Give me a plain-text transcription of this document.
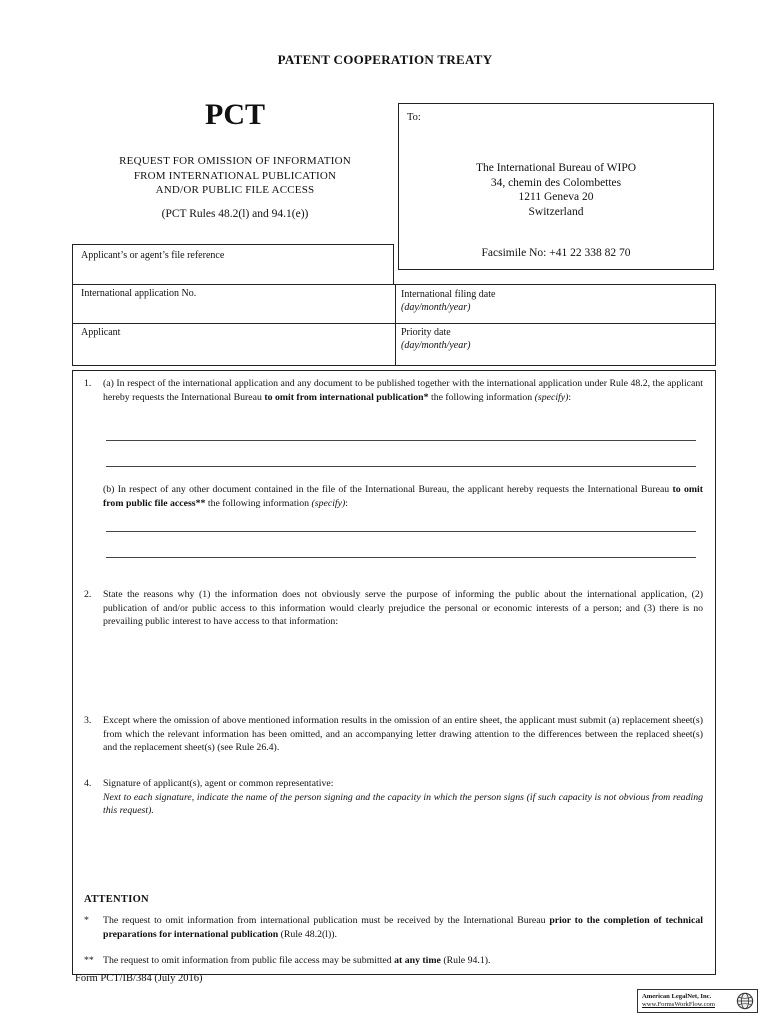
PATENT COOPERATION TREATY
PCT
REQUEST FOR OMISSION OF INFORMATION
FROM INTERNATIONAL PUBLICATION
AND/OR PUBLIC FILE ACCESS
(PCT Rules 48.2(l) and 94.1(e))
To:
The International Bureau of WIPO
34, chemin des Colombettes
1211 Geneva 20
Switzerland
Facsimile No: +41 22 338 82 70
Applicant’s or agent’s file reference
International application No.	International filing date
(day/month/year)
Applicant	Priority date
(day/month/year)
1. (a) In respect of the international application and any document to be published together with the international application under Rule 48.2, the applicant hereby requests the International Bureau to omit from international publication* the following information (specify):
(b) In respect of any other document contained in the file of the International Bureau, the applicant hereby requests the International Bureau to omit from public file access** the following information (specify):
2. State the reasons why (1) the information does not obviously serve the purpose of informing the public about the international application, (2) publication of and/or public access to this information would clearly prejudice the personal or economic interests of a person; and (3) there is no prevailing public interest to have access to that information:
3. Except where the omission of above mentioned information results in the omission of an entire sheet, the applicant must submit (a) replacement sheet(s) from which the relevant information has been omitted, and an accompanying letter drawing attention to the differences between the replaced sheet(s) and the replacement sheet(s) (see Rule 26.4).
4. Signature of applicant(s), agent or common representative:
Next to each signature, indicate the name of the person signing and the capacity in which the person signs (if such capacity is not obvious from reading this request).
ATTENTION
* The request to omit information from international publication must be received by the International Bureau prior to the completion of technical preparations for international publication (Rule 48.2(l)).
** The request to omit information from public file access may be submitted at any time (Rule 94.1).
Form PCT/IB/384 (July 2016)
American LegalNet, Inc.
www.FormsWorkFlow.com
